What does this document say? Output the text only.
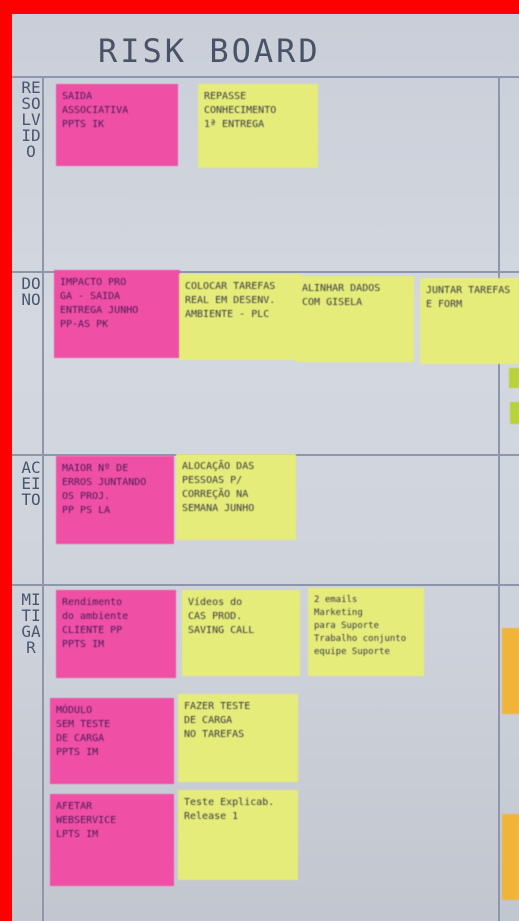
RISK BOARD
RESOLVIDO
DONO
ACEITO
MITIGAR
SAIDA
ASSOCIATIVA
PPTS IK
REPASSE
CONHECIMENTO
1ª ENTREGA
IMPACTO PRO
GA - SAIDA
ENTREGA JUNHO
PP-AS PK
COLOCAR TAREFAS
REAL EM DESENV.
AMBIENTE - PLC
ALINHAR DADOS
COM GISELA
JUNTAR TAREFAS
E FORM
MAIOR Nº DE
ERROS JUNTANDO
OS PROJ.
PP PS LA
ALOCAÇÃO DAS
PESSOAS P/
CORREÇÃO NA
SEMANA JUNHO
Rendimento
do ambiente
CLIENTE PP
PPTS IM
Vídeos do
CAS PROD.
SAVING CALL
2 emails
Marketing
para Suporte
Trabalho conjunto
equipe Suporte
MÓDULO
SEM TESTE
DE CARGA
PPTS IM
FAZER TESTE
DE CARGA
NO TAREFAS
AFETAR
WEBSERVICE
LPTS IM
Teste Explicab.
Release 1
